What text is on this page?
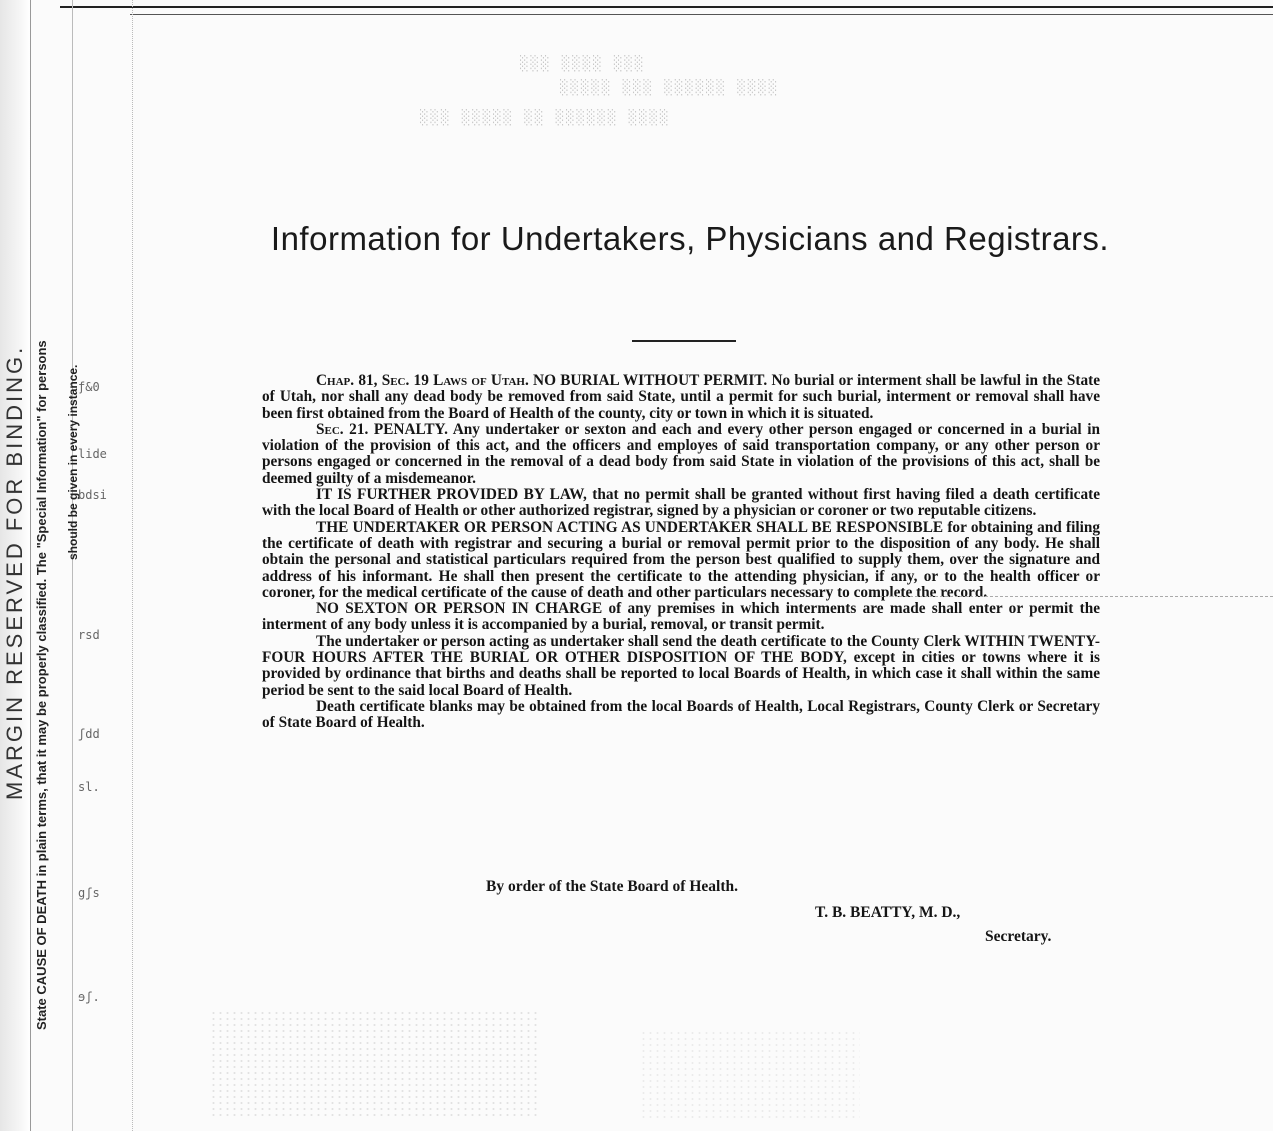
MARGIN RESERVED FOR BINDING. State CAUSE OF DEATH in plain terms, that it may be properly classified. The "Special Information" for persons should be given in every instance.
ƒ&0
lide
bdsi
rsd
ʃdd
sl.
gʃs
ɘʃ.
░░░ ░░░░ ░░░
░░░░░ ░░░ ░░░░░░ ░░░░
░░░ ░░░░░ ░░ ░░░░░░ ░░░░
Information for Undertakers, Physicians and Registrars.

Chap. 81, Sec. 19 Laws of Utah. NO BURIAL WITHOUT PERMIT. No burial or interment shall be lawful in the State of Utah, nor shall any dead body be removed from said State, until a permit for such burial, interment or removal shall have been first obtained from the Board of Health of the county, city or town in which it is situated.

Sec. 21. PENALTY. Any undertaker or sexton and each and every other person engaged or concerned in a burial in violation of the provision of this act, and the officers and employes of said transportation company, or any other person or persons engaged or concerned in the removal of a dead body from said State in violation of the provisions of this act, shall be deemed guilty of a misdemeanor.

IT IS FURTHER PROVIDED BY LAW, that no permit shall be granted without first having filed a death certificate with the local Board of Health or other authorized registrar, signed by a physician or coroner or two reputable citizens.

THE UNDERTAKER OR PERSON ACTING AS UNDERTAKER SHALL BE RESPONSIBLE for obtaining and filing the certificate of death with registrar and securing a burial or removal permit prior to the disposition of any body. He shall obtain the personal and statistical particulars required from the person best qualified to supply them, over the signature and address of his informant. He shall then present the certificate to the attending physician, if any, or to the health officer or coroner, for the medical certificate of the cause of death and other particulars necessary to complete the record.

NO SEXTON OR PERSON IN CHARGE of any premises in which interments are made shall enter or permit the interment of any body unless it is accompanied by a burial, removal, or transit permit.

The undertaker or person acting as undertaker shall send the death certificate to the County Clerk WITHIN TWENTY-FOUR HOURS AFTER THE BURIAL OR OTHER DISPOSITION OF THE BODY, except in cities or towns where it is provided by ordinance that births and deaths shall be reported to local Boards of Health, in which case it shall within the same period be sent to the said local Board of Health.

Death certificate blanks may be obtained from the local Boards of Health, Local Registrars, County Clerk or Secretary of State Board of Health.

By order of the State Board of Health.
T. B. BEATTY, M. D.,
Secretary.
